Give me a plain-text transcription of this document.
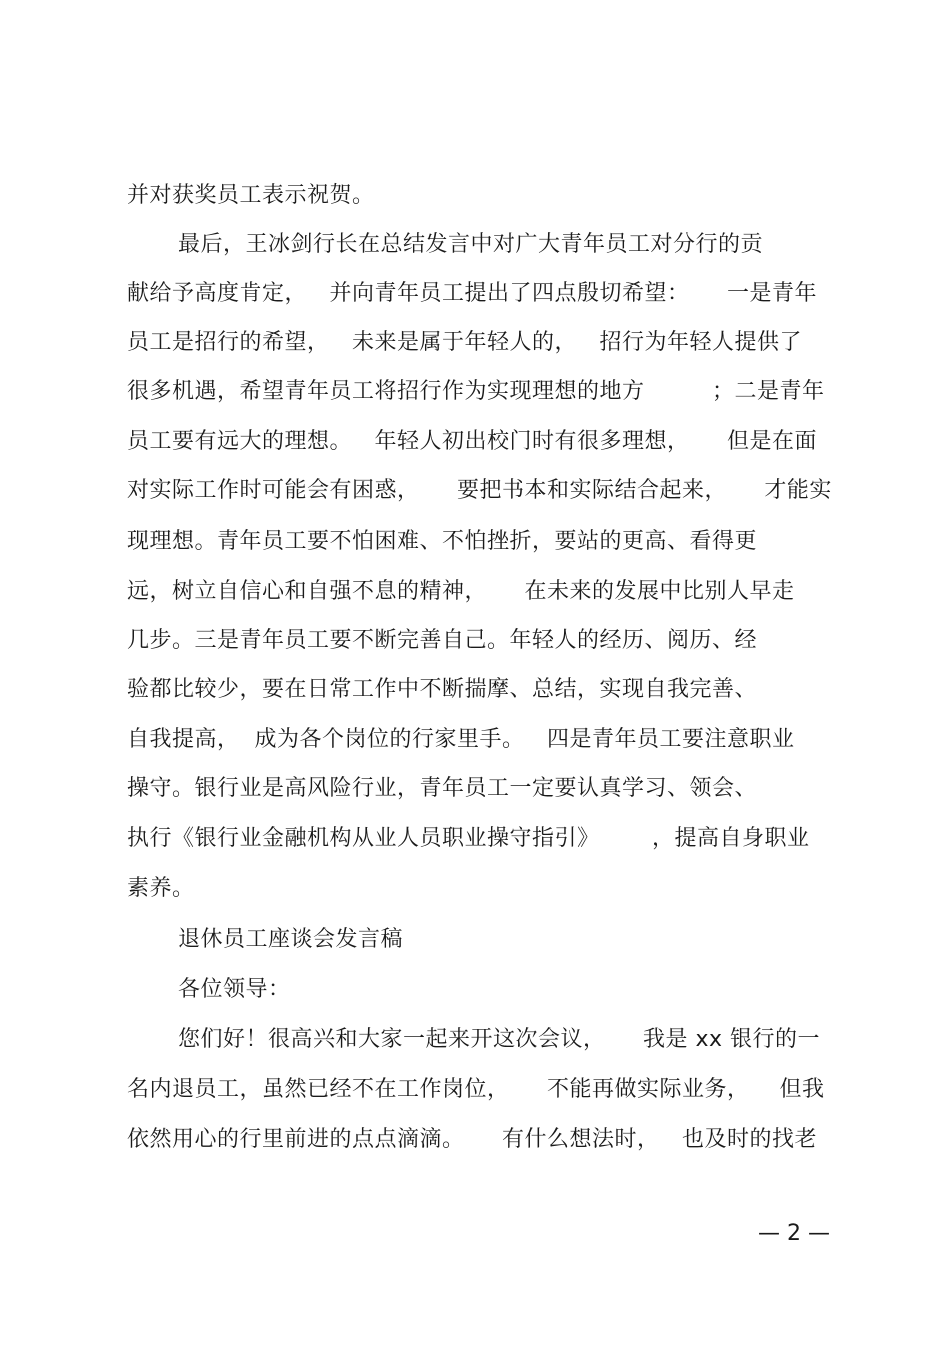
并对获奖员工表示祝贺。
最后，王冰剑行长在总结发言中对广大青年员工对分行的贡
献给予高度肯定，   并向青年员工提出了四点殷切希望：     一是青年
员工是招行的希望，   未来是属于年轻人的，   招行为年轻人提供了
很多机遇，希望青年员工将招行作为实现理想的地方         ；二是青年
员工要有远大的理想。   年轻人初出校门时有很多理想，     但是在面
对实际工作时可能会有困惑，     要把书本和实际结合起来，     才能实
现理想。青年员工要不怕困难、不怕挫折，要站的更高、看得更
远，树立自信心和自强不息的精神，     在未来的发展中比别人早走
几步。三是青年员工要不断完善自己。年轻人的经历、阅历、经
验都比较少，要在日常工作中不断揣摩、总结，实现自我完善、
自我提高，  成为各个岗位的行家里手。   四是青年员工要注意职业
操守。银行业是高风险行业，青年员工一定要认真学习、领会、
执行《银行业金融机构从业人员职业操守指引》       ，提高自身职业
素养。
退休员工座谈会发言稿
各位领导：
您们好！很高兴和大家一起来开这次会议，     我是 xx 银行的一
名内退员工，虽然已经不在工作岗位，     不能再做实际业务，    但我
依然用心的行里前进的点点滴滴。     有什么想法时，   也及时的找老
— 2 —
